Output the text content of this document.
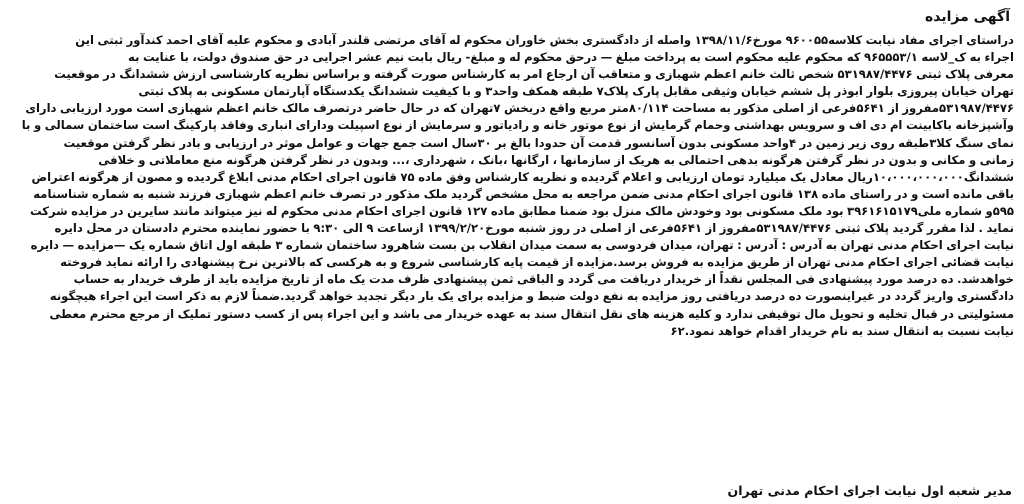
آگهی مزایده
دراستای اجرای مفاد نیابت کلاسه۹۶۰۰۵۵ مورخ۱۳۹۸/۱۱/۶ واصله از دادگستری بخش خاوران محکوم له آقای مرتضی قلندر آبادی و محکوم علیه آقای احمد کندآور ثبتی این
اجراء به ک_لاسه ۹۶۵۵۵۳/۱ که محکوم علیه محکوم است به پرداخت مبلغ — درحق محکوم له و مبلغ- ریال بابت نیم عشر اجرایی در حق صندوق دولت، با عنایت به
معرفی پلاک ثبتی ۵۳۱۹۸۷/۴۴۷۶ شخص ثالث خانم اعظم شهبازی و متعاقب آن ارجاع امر به کارشناس صورت گرفته و براساس نظریه کارشناسی ارزش ششدانگ در موقعیت
تهران خیابان پیروزی بلوار ابوذر پل ششم خیابان وثیقی مقابل پارک پلاک۷ طبقه همکف واحد۳ و با کیفیت ششدانگ یکدستگاه آپارتمان مسکونی به پلاک ثبتی
۵۳۱۹۸۷/۴۴۷۶مفروز از ۵۶۴۱فرعی از اصلی مذکور به مساحت ۸۰/۱۱۴متر مربع واقع دربخش ۷تهران که در حال حاضر درتصرف مالک خانم اعظم شهبازی است مورد ارزیابی دارای
وآشپزخانه باکابینت ام دی اف و سرویس بهداشتی وحمام گرمایش از نوع موتور خانه و رادیاتور و سرمایش از نوع اسپیلت ودارای انباری وفاقد پارکینگ است ساختمان سمالی و با
نمای سنگ کلا۳طبقه روی زیر زمین در ۴واحد مسکونی بدون آسانسور قدمت آن حدودا بالغ بر ۳۰سال است جمع جهات و عوامل موثر در ارزیابی و بادر نظر گرفتن موقعیت
زمانی و مکانی و بدون در نظر گرفتن هرگونه بدهی احتمالی به هریک از سازمانها ، ارگانها ،بانک ، شهرداری ،... وبدون در نظر گرفتن هرگونه منع معاملاتی و خلافی
ششدانگ۱۰،۰۰۰،۰۰۰،۰۰۰ریال معادل یک میلیارد تومان ارزیابی و اعلام گردیده و نظریه کارشناس وفق ماده ۷۵ قانون اجرای احکام مدنی ابلاغ گردیده و مصون از هرگونه اعتراض
باقی مانده است و در راستای ماده ۱۳۸ قانون اجرای احکام مدنی ضمن مراجعه به محل مشخص گردید ملک مذکور در تصرف خانم اعظم شهبازی فرزند شنبه به شماره شناسنامه
۵۹۵و شماره ملی۳۹۶۱۶۱۵۱۷۹ بود ملک مسکونی بود وخودش مالک منزل بود ضمنا مطابق ماده ۱۲۷ قانون اجرای احکام مدنی محکوم له نیز میتواند مانند سایرین در مزایده شرکت
نماید . لذا مقرر گردید پلاک ثبتی ۵۳۱۹۸۷/۴۴۷۶مفروز از ۵۶۴۱فرعی از اصلی در روز شنبه مورخ۱۳۹۹/۲/۲۰ ازساعت ۹ الی ۹:۳۰ با حضور نماینده محترم دادستان در محل دایره
نیابت اجرای احکام مدنی تهران به آدرس : آدرس : تهران، میدان فردوسی به سمت میدان انقلاب بن بست شاهرود ساختمان شماره ۳ طبقه اول اتاق شماره یک —مزایده — دایره
نیابت قضائی اجرای احکام مدنی تهران از طریق مزایده به فروش برسد.مزایده از قیمت پایه کارشناسی شروع و به هرکسی که بالاترین نرخ پیشنهادی را ارائه نماید فروخته
خواهدشد. ده درصد مورد پیشنهادی فی المجلس نقداً از خریدار دریافت می گردد و الباقی ثمن پیشنهادی ظرف مدت یک ماه از تاریخ مزایده باید از طرف خریدار به حساب
دادگستری واریز گردد در غیراینصورت ده درصد دریافتی روز مزایده به نفع دولت ضبط و مزایده برای یک بار دیگر تجدید خواهد گردید.ضمناً لازم به ذکر است این اجراء هیچگونه
مسئولیتی در قبال تخلیه و تحویل مال توقیفی ندارد و کلیه هزینه های نقل انتقال سند به عهده خریدار می باشد و این اجراء پس از کسب دستور تملیک از مرجع محترم معطی
نیابت نسبت به انتقال سند به نام خریدار اقدام خواهد نمود.۶۲
مدیر شعبه اول نیابت اجرای احکام مدنی تهران
